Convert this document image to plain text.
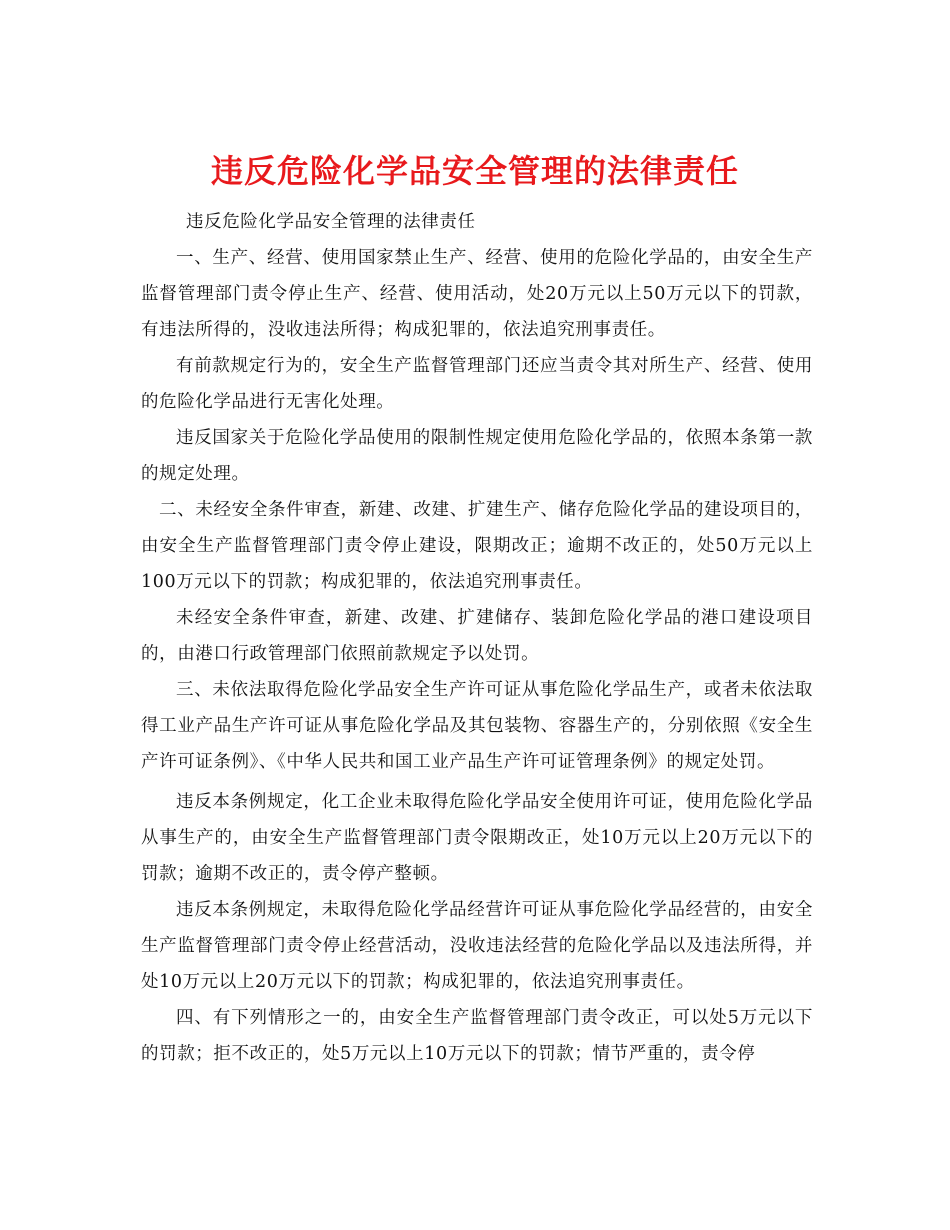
违反危险化学品安全管理的法律责任

违反危险化学品安全管理的法律责任

一、生产、经营、使用国家禁止生产、经营、使用的危险化学品的，由安全生产监督管理部门责令停止生产、经营、使用活动，处20万元以上50万元以下的罚款，有违法所得的，没收违法所得；构成犯罪的，依法追究刑事责任。

有前款规定行为的，安全生产监督管理部门还应当责令其对所生产、经营、使用的危险化学品进行无害化处理。

违反国家关于危险化学品使用的限制性规定使用危险化学品的，依照本条第一款的规定处理。

二、未经安全条件审查，新建、改建、扩建生产、储存危险化学品的建设项目的，由安全生产监督管理部门责令停止建设，限期改正；逾期不改正的，处50万元以上100万元以下的罚款；构成犯罪的，依法追究刑事责任。

未经安全条件审查，新建、改建、扩建储存、装卸危险化学品的港口建设项目的，由港口行政管理部门依照前款规定予以处罚。

三、未依法取得危险化学品安全生产许可证从事危险化学品生产，或者未依法取得工业产品生产许可证从事危险化学品及其包装物、容器生产的，分别依照《安全生产许可证条例》、《中华人民共和国工业产品生产许可证管理条例》的规定处罚。

违反本条例规定，化工企业未取得危险化学品安全使用许可证，使用危险化学品从事生产的，由安全生产监督管理部门责令限期改正，处10万元以上20万元以下的罚款；逾期不改正的，责令停产整顿。

违反本条例规定，未取得危险化学品经营许可证从事危险化学品经营的，由安全生产监督管理部门责令停止经营活动，没收违法经营的危险化学品以及违法所得，并处10万元以上20万元以下的罚款；构成犯罪的，依法追究刑事责任。

四、有下列情形之一的，由安全生产监督管理部门责令改正，可以处5万元以下的罚款；拒不改正的，处5万元以上10万元以下的罚款；情节严重的，责令停
